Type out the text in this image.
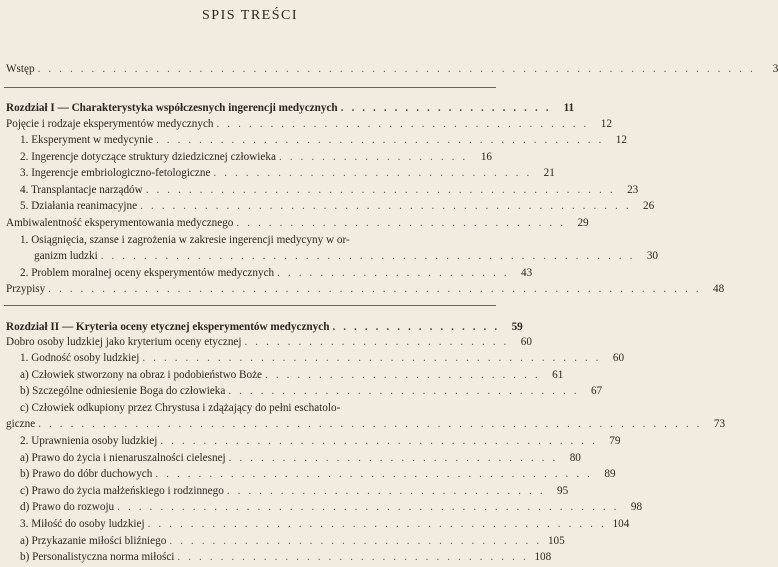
SPIS TREŚCI
Wstęp . . . . . . . . . . . . . . . . . . . . . . . . . . . . . . . . . . . . . . . . . . . . . . . . . . . . . . . . . . . . . . . . . . .	3
Rozdział I — Charakterystyka współczesnych ingerencji medycznych . . . . . . . . . . . . . . . . . . . .	11
Pojęcie i rodzaje eksperymentów medycznych . . . . . . . . . . . . . . . . . . . . . . . . . . . . . . . . . . .	12
1. Eksperyment w medycynie . . . . . . . . . . . . . . . . . . . . . . . . . . . . . . . . . . . . . . . . . .	12
2. Ingerencje dotyczące struktury dziedzicznej człowieka . . . . . . . . . . . . . . . . . .	16
3. Ingerencje embriologiczno-fetologiczne . . . . . . . . . . . . . . . . . . . . . . . . . . . . . .	21
4. Transplantacje narządów . . . . . . . . . . . . . . . . . . . . . . . . . . . . . . . . . . . . . . . . . . . .	23
5. Działania reanimacyjne . . . . . . . . . . . . . . . . . . . . . . . . . . . . . . . . . . . . . . . . . . . . . .	26
Ambiwalentność eksperymentowania medycznego . . . . . . . . . . . . . . . . . . . . . . . . . . . . . . .	29
1. Osiągnięcia, szanse i zagrożenia w zakresie ingerencji medycyny w or-
ganizm ludzki . . . . . . . . . . . . . . . . . . . . . . . . . . . . . . . . . . . . . . . . . . . . . . . . . .	30
2. Problem moralnej oceny eksperymentów medycznych . . . . . . . . . . . . . . . . . . . . . .	43
Przypisy . . . . . . . . . . . . . . . . . . . . . . . . . . . . . . . . . . . . . . . . . . . . . . . . . . . . . . . . . . . . .	48
Rozdział II — Kryteria oceny etycznej eksperymentów medycznych . . . . . . . . . . . . . . . .	59
Dobro osoby ludzkiej jako kryterium oceny etycznej . . . . . . . . . . . . . . . . . . . . . . . . .	60
1. Godność osoby ludzkiej . . . . . . . . . . . . . . . . . . . . . . . . . . . . . . . . . . . . . . . . . . .	60
a) Człowiek stworzony na obraz i podobieństwo Boże . . . . . . . . . . . . . . . . . . . . . . . . . .	61
b) Szczególne odniesienie Boga do człowieka . . . . . . . . . . . . . . . . . . . . . . . . . . . . . . . . .	67
c) Człowiek odkupiony przez Chrystusa i zdążający do pełni eschatolo-
giczne . . . . . . . . . . . . . . . . . . . . . . . . . . . . . . . . . . . . . . . . . . . . . . . . . . . . . . . . . . . . . .	73
2. Uprawnienia osoby ludzkiej . . . . . . . . . . . . . . . . . . . . . . . . . . . . . . . . . . . . . . . . .	79
a) Prawo do życia i nienaruszalności cielesnej . . . . . . . . . . . . . . . . . . . . . . . . . . . . . . .	80
b) Prawo do dóbr duchowych . . . . . . . . . . . . . . . . . . . . . . . . . . . . . . . . . . . . . . . . .	89
c) Prawo do życia małżeńskiego i rodzinnego . . . . . . . . . . . . . . . . . . . . . . . . . . . . . .	95
d) Prawo do rozwoju . . . . . . . . . . . . . . . . . . . . . . . . . . . . . . . . . . . . . . . . . . . . . . .	98
3. Miłość do osoby ludzkiej . . . . . . . . . . . . . . . . . . . . . . . . . . . . . . . . . . . . . . . . . . . 104
a) Przykazanie miłości bliźniego . . . . . . . . . . . . . . . . . . . . . . . . . . . . . . . . . . . 105
b) Personalistyczna norma miłości . . . . . . . . . . . . . . . . . . . . . . . . . . . . . . . . . 108
